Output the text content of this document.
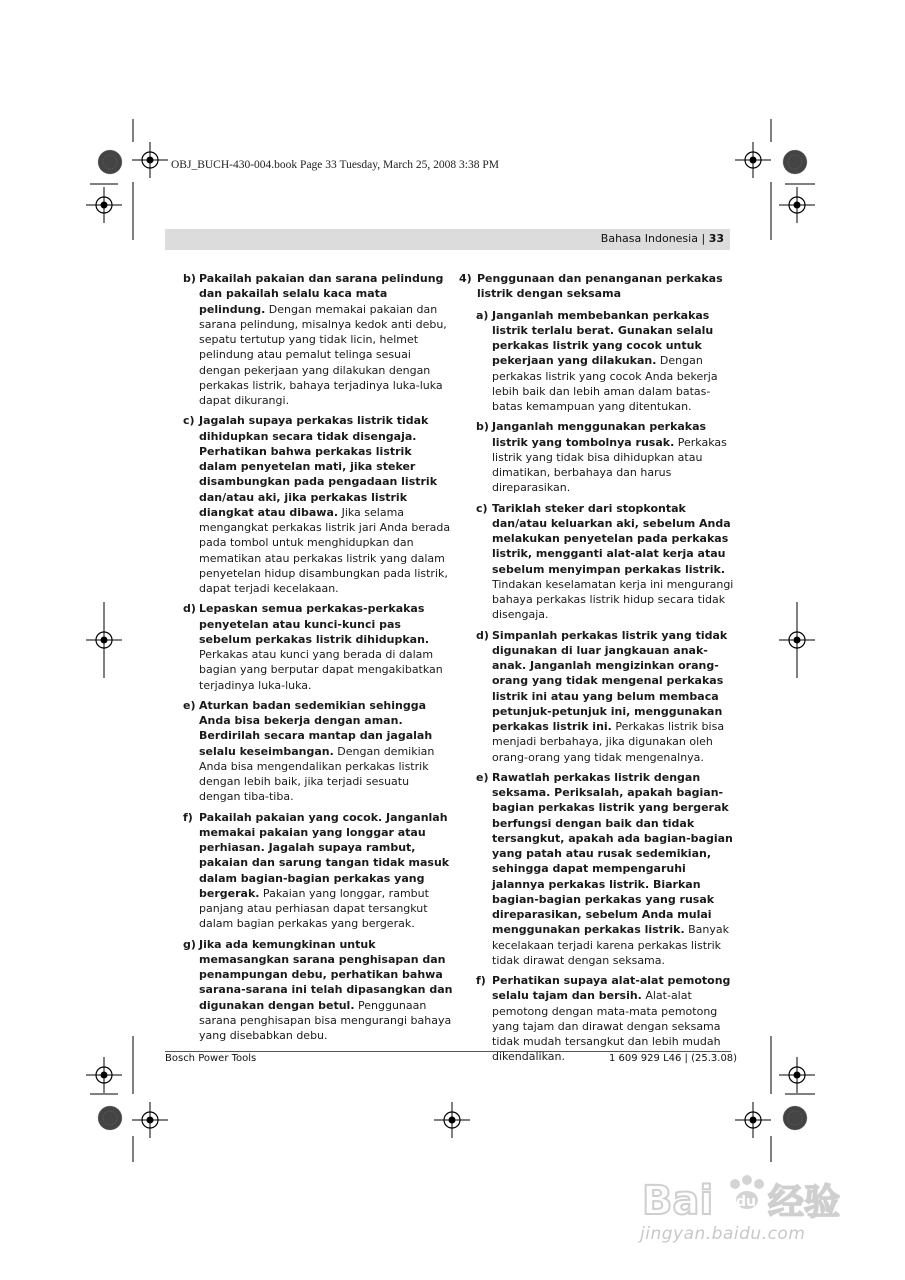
OBJ_BUCH-430-004.book Page 33 Tuesday, March 25, 2008 3:38 PM
Bahasa Indonesia | 33
b) Pakailah pakaian dan sarana pelindung dan pakailah selalu kaca mata pelindung. Dengan memakai pakaian dan sarana pelindung, misalnya kedok anti debu, sepatu tertutup yang tidak licin, helmet pelindung atau pemalut telinga sesuai dengan pekerjaan yang dilakukan dengan perkakas listrik, bahaya terjadinya luka-luka dapat dikurangi.
c) Jagalah supaya perkakas listrik tidak dihidupkan secara tidak disengaja. Perhatikan bahwa perkakas listrik dalam penyetelan mati, jika steker disambungkan pada pengadaan listrik dan/atau aki, jika perkakas listrik diangkat atau dibawa. Jika selama mengangkat perkakas listrik jari Anda berada pada tombol untuk menghidupkan dan mematikan atau perkakas listrik yang dalam penyetelan hidup disambungkan pada listrik, dapat terjadi kecelakaan.
d) Lepaskan semua perkakas-perkakas penyetelan atau kunci-kunci pas sebelum perkakas listrik dihidupkan. Perkakas atau kunci yang berada di dalam bagian yang berputar dapat mengakibatkan terjadinya luka-luka.
e) Aturkan badan sedemikian sehingga Anda bisa bekerja dengan aman. Berdirilah secara mantap dan jagalah selalu keseimbangan. Dengan demikian Anda bisa mengendalikan perkakas listrik dengan lebih baik, jika terjadi sesuatu dengan tiba-tiba.
f) Pakailah pakaian yang cocok. Janganlah memakai pakaian yang longgar atau perhiasan. Jagalah supaya rambut, pakaian dan sarung tangan tidak masuk dalam bagian-bagian perkakas yang bergerak. Pakaian yang longgar, rambut panjang atau perhiasan dapat tersangkut dalam bagian perkakas yang bergerak.
g) Jika ada kemungkinan untuk memasangkan sarana penghisapan dan penampungan debu, perhatikan bahwa sarana-sarana ini telah dipasangkan dan digunakan dengan betul. Penggunaan sarana penghisapan bisa mengurangi bahaya yang disebabkan debu.
4) Penggunaan dan penanganan perkakas listrik dengan seksama
a) Janganlah membebankan perkakas listrik terlalu berat. Gunakan selalu perkakas listrik yang cocok untuk pekerjaan yang dilakukan. Dengan perkakas listrik yang cocok Anda bekerja lebih baik dan lebih aman dalam batas-batas kemampuan yang ditentukan.
b) Janganlah menggunakan perkakas listrik yang tombolnya rusak. Perkakas listrik yang tidak bisa dihidupkan atau dimatikan, berbahaya dan harus direparasikan.
c) Tariklah steker dari stopkontak dan/atau keluarkan aki, sebelum Anda melakukan penyetelan pada perkakas listrik, mengganti alat-alat kerja atau sebelum menyimpan perkakas listrik. Tindakan keselamatan kerja ini mengurangi bahaya perkakas listrik hidup secara tidak disengaja.
d) Simpanlah perkakas listrik yang tidak digunakan di luar jangkauan anak-anak. Janganlah mengizinkan orang-orang yang tidak mengenal perkakas listrik ini atau yang belum membaca petunjuk-petunjuk ini, menggunakan perkakas listrik ini. Perkakas listrik bisa menjadi berbahaya, jika digunakan oleh orang-orang yang tidak mengenalnya.
e) Rawatlah perkakas listrik dengan seksama. Periksalah, apakah bagian-bagian perkakas listrik yang bergerak berfungsi dengan baik dan tidak tersangkut, apakah ada bagian-bagian yang patah atau rusak sedemikian, sehingga dapat mempengaruhi jalannya perkakas listrik. Biarkan bagian-bagian perkakas yang rusak direparasikan, sebelum Anda mulai menggunakan perkakas listrik. Banyak kecelakaan terjadi karena perkakas listrik tidak dirawat dengan seksama.
f) Perhatikan supaya alat-alat pemotong selalu tajam dan bersih. Alat-alat pemotong dengan mata-mata pemotong yang tajam dan dirawat dengan seksama tidak mudah tersangkut dan lebih mudah dikendalikan.
Bosch Power Tools	1 609 929 L46 | (25.3.08)
Bai du 经验
jingyan.baidu.com
